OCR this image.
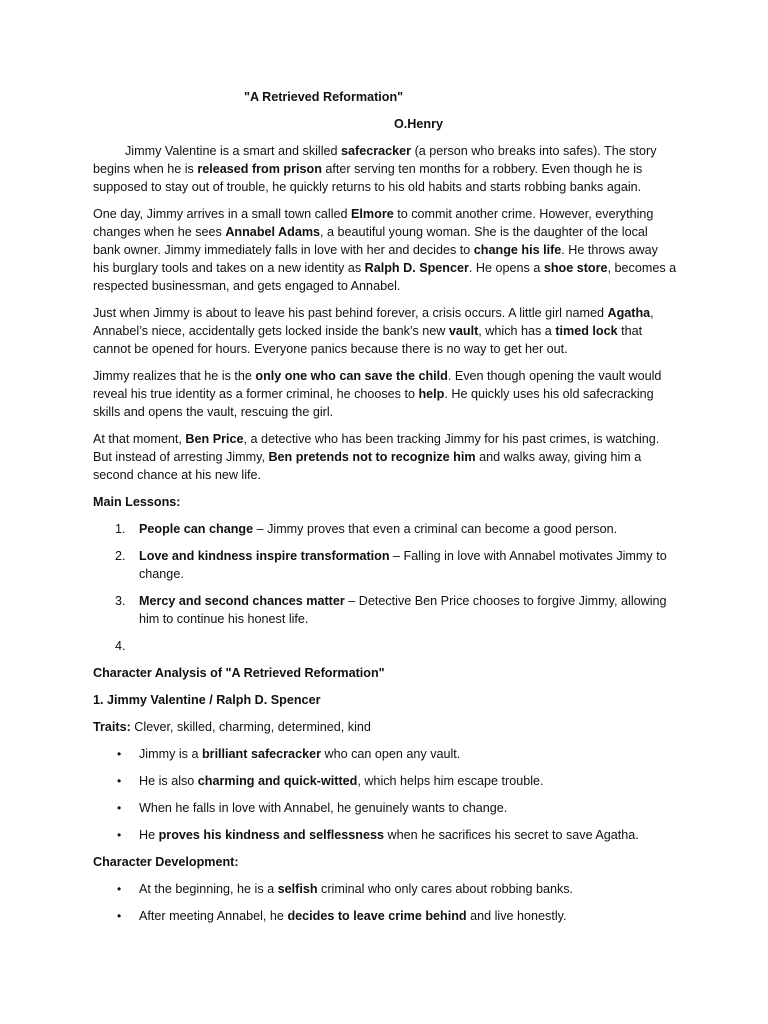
"A Retrieved Reformation"
O.Henry

Jimmy Valentine is a smart and skilled safecracker (a person who breaks into safes). The story begins when he is released from prison after serving ten months for a robbery. Even though he is supposed to stay out of trouble, he quickly returns to his old habits and starts robbing banks again.

One day, Jimmy arrives in a small town called Elmore to commit another crime. However, everything changes when he sees Annabel Adams, a beautiful young woman. She is the daughter of the local bank owner. Jimmy immediately falls in love with her and decides to change his life. He throws away his burglary tools and takes on a new identity as Ralph D. Spencer. He opens a shoe store, becomes a respected businessman, and gets engaged to Annabel.

Just when Jimmy is about to leave his past behind forever, a crisis occurs. A little girl named Agatha, Annabel’s niece, accidentally gets locked inside the bank’s new vault, which has a timed lock that cannot be opened for hours. Everyone panics because there is no way to get her out.

Jimmy realizes that he is the only one who can save the child. Even though opening the vault would reveal his true identity as a former criminal, he chooses to help. He quickly uses his old safecracking skills and opens the vault, rescuing the girl.

At that moment, Ben Price, a detective who has been tracking Jimmy for his past crimes, is watching. But instead of arresting Jimmy, Ben pretends not to recognize him and walks away, giving him a second chance at his new life.

Main Lessons:

1.	People can change – Jimmy proves that even a criminal can become a good person.
2.	Love and kindness inspire transformation – Falling in love with Annabel motivates Jimmy to change.
3.	Mercy and second chances matter – Detective Ben Price chooses to forgive Jimmy, allowing him to continue his honest life.
4.

Character Analysis of "A Retrieved Reformation"

1. Jimmy Valentine / Ralph D. Spencer

Traits: Clever, skilled, charming, determined, kind

•	Jimmy is a brilliant safecracker who can open any vault.
•	He is also charming and quick-witted, which helps him escape trouble.
•	When he falls in love with Annabel, he genuinely wants to change.
•	He proves his kindness and selflessness when he sacrifices his secret to save Agatha.

Character Development:

•	At the beginning, he is a selfish criminal who only cares about robbing banks.
•	After meeting Annabel, he decides to leave crime behind and live honestly.
